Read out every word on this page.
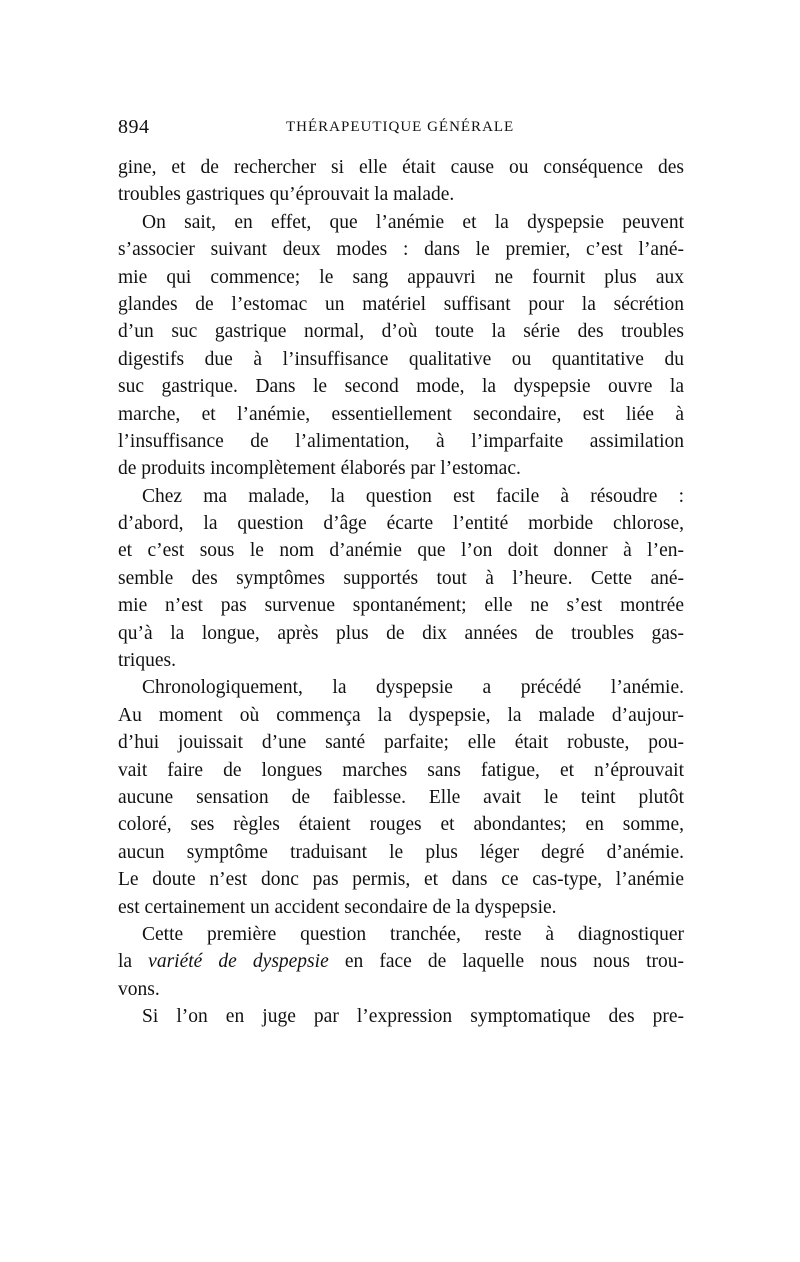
894	THÉRAPEUTIQUE GÉNÉRALE
gine, et de rechercher si elle était cause ou conséquence des
troubles gastriques qu’éprouvait la malade.
On sait, en effet, que l’anémie et la dyspepsie peuvent
s’associer suivant deux modes : dans le premier, c’est l’ané-
mie qui commence; le sang appauvri ne fournit plus aux
glandes de l’estomac un matériel suffisant pour la sécrétion
d’un suc gastrique normal, d’où toute la série des troubles
digestifs due à l’insuffisance qualitative ou quantitative du
suc gastrique. Dans le second mode, la dyspepsie ouvre la
marche, et l’anémie, essentiellement secondaire, est liée à
l’insuffisance de l’alimentation, à l’imparfaite assimilation
de produits incomplètement élaborés par l’estomac.
Chez ma malade, la question est facile à résoudre :
d’abord, la question d’âge écarte l’entité morbide chlorose,
et c’est sous le nom d’anémie que l’on doit donner à l’en-
semble des symptômes supportés tout à l’heure. Cette ané-
mie n’est pas survenue spontanément; elle ne s’est montrée
qu’à la longue, après plus de dix années de troubles gas-
triques.
Chronologiquement, la dyspepsie a précédé l’anémie.
Au moment où commença la dyspepsie, la malade d’aujour-
d’hui jouissait d’une santé parfaite; elle était robuste, pou-
vait faire de longues marches sans fatigue, et n’éprouvait
aucune sensation de faiblesse. Elle avait le teint plutôt
coloré, ses règles étaient rouges et abondantes; en somme,
aucun symptôme traduisant le plus léger degré d’anémie.
Le doute n’est donc pas permis, et dans ce cas-type, l’anémie
est certainement un accident secondaire de la dyspepsie.
Cette première question tranchée, reste à diagnostiquer
la variété de dyspepsie en face de laquelle nous nous trou-
vons.
Si l’on en juge par l’expression symptomatique des pre-
